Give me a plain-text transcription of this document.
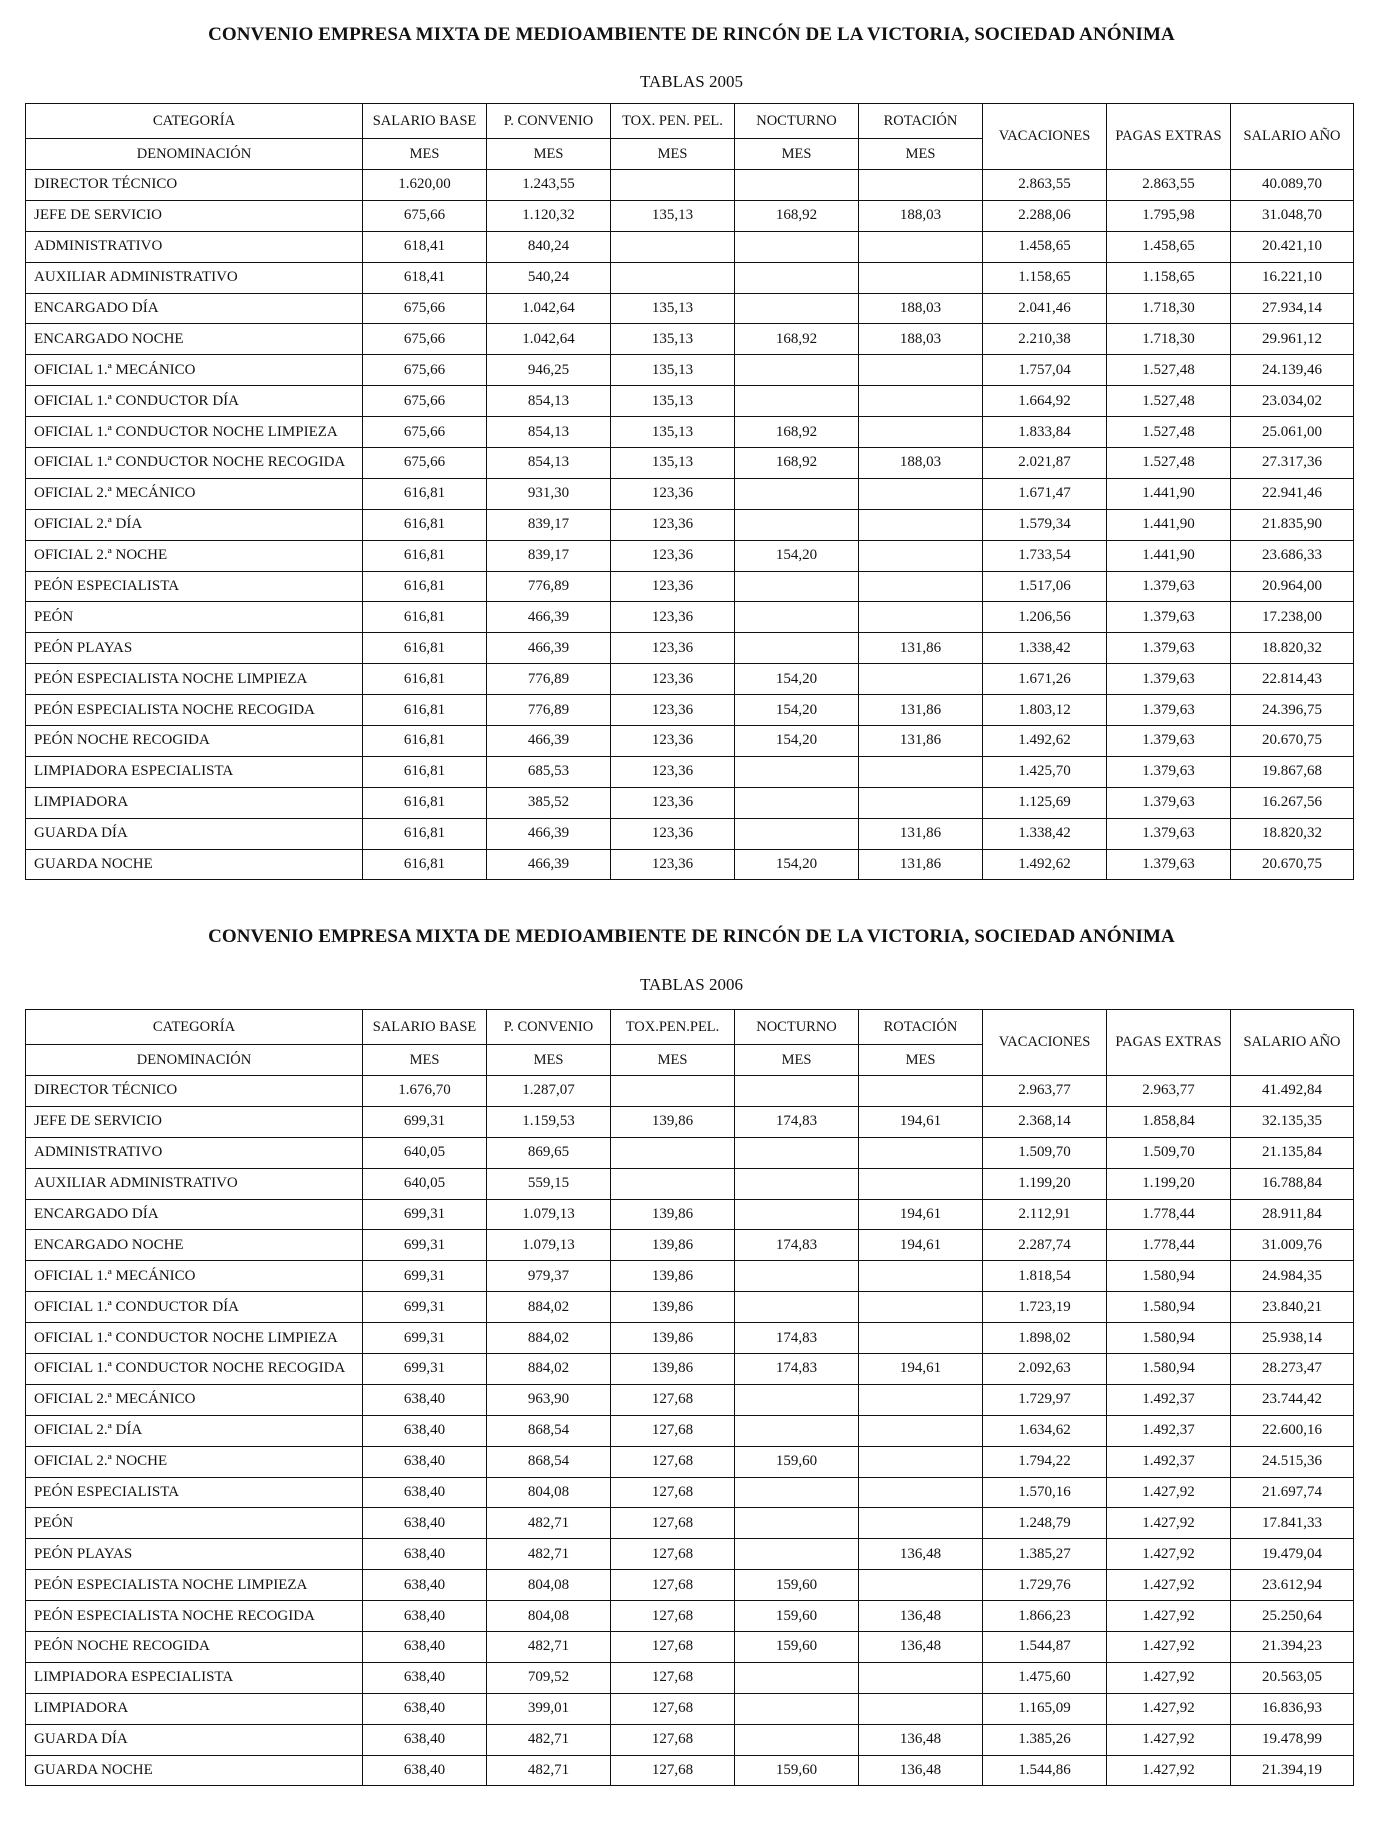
CONVENIO EMPRESA MIXTA DE MEDIOAMBIENTE DE RINCÓN DE LA VICTORIA, SOCIEDAD ANÓNIMA
TABLAS 2005
CATEGORÍA	SALARIO BASE	P. CONVENIO	TOX. PEN. PEL.	NOCTURNO	ROTACIÓN	VACACIONES	PAGAS EXTRAS	SALARIO AÑO
DENOMINACIÓN	MES	MES	MES	MES	MES			
DIRECTOR TÉCNICO	1.620,00	1.243,55				2.863,55	2.863,55	40.089,70
JEFE DE SERVICIO	675,66	1.120,32	135,13	168,92	188,03	2.288,06	1.795,98	31.048,70
ADMINISTRATIVO	618,41	840,24				1.458,65	1.458,65	20.421,10
AUXILIAR ADMINISTRATIVO	618,41	540,24				1.158,65	1.158,65	16.221,10
ENCARGADO DÍA	675,66	1.042,64	135,13		188,03	2.041,46	1.718,30	27.934,14
ENCARGADO NOCHE	675,66	1.042,64	135,13	168,92	188,03	2.210,38	1.718,30	29.961,12
OFICIAL 1.ª MECÁNICO	675,66	946,25	135,13			1.757,04	1.527,48	24.139,46
OFICIAL 1.ª CONDUCTOR DÍA	675,66	854,13	135,13			1.664,92	1.527,48	23.034,02
OFICIAL 1.ª CONDUCTOR NOCHE LIMPIEZA	675,66	854,13	135,13	168,92		1.833,84	1.527,48	25.061,00
OFICIAL 1.ª CONDUCTOR NOCHE RECOGIDA	675,66	854,13	135,13	168,92	188,03	2.021,87	1.527,48	27.317,36
OFICIAL 2.ª MECÁNICO	616,81	931,30	123,36			1.671,47	1.441,90	22.941,46
OFICIAL 2.ª DÍA	616,81	839,17	123,36			1.579,34	1.441,90	21.835,90
OFICIAL 2.ª NOCHE	616,81	839,17	123,36	154,20		1.733,54	1.441,90	23.686,33
PEÓN ESPECIALISTA	616,81	776,89	123,36			1.517,06	1.379,63	20.964,00
PEÓN	616,81	466,39	123,36			1.206,56	1.379,63	17.238,00
PEÓN PLAYAS	616,81	466,39	123,36		131,86	1.338,42	1.379,63	18.820,32
PEÓN ESPECIALISTA NOCHE LIMPIEZA	616,81	776,89	123,36	154,20		1.671,26	1.379,63	22.814,43
PEÓN ESPECIALISTA NOCHE RECOGIDA	616,81	776,89	123,36	154,20	131,86	1.803,12	1.379,63	24.396,75
PEÓN NOCHE RECOGIDA	616,81	466,39	123,36	154,20	131,86	1.492,62	1.379,63	20.670,75
LIMPIADORA ESPECIALISTA	616,81	685,53	123,36			1.425,70	1.379,63	19.867,68
LIMPIADORA	616,81	385,52	123,36			1.125,69	1.379,63	16.267,56
GUARDA DÍA	616,81	466,39	123,36		131,86	1.338,42	1.379,63	18.820,32
GUARDA NOCHE	616,81	466,39	123,36	154,20	131,86	1.492,62	1.379,63	20.670,75
CONVENIO EMPRESA MIXTA DE MEDIOAMBIENTE DE RINCÓN DE LA VICTORIA, SOCIEDAD ANÓNIMA
TABLAS 2006
CATEGORÍA	SALARIO BASE	P. CONVENIO	TOX.PEN.PEL.	NOCTURNO	ROTACIÓN	VACACIONES	PAGAS EXTRAS	SALARIO AÑO
DENOMINACIÓN	MES	MES	MES	MES	MES			
DIRECTOR TÉCNICO	1.676,70	1.287,07				2.963,77	2.963,77	41.492,84
JEFE DE SERVICIO	699,31	1.159,53	139,86	174,83	194,61	2.368,14	1.858,84	32.135,35
ADMINISTRATIVO	640,05	869,65				1.509,70	1.509,70	21.135,84
AUXILIAR ADMINISTRATIVO	640,05	559,15				1.199,20	1.199,20	16.788,84
ENCARGADO DÍA	699,31	1.079,13	139,86		194,61	2.112,91	1.778,44	28.911,84
ENCARGADO NOCHE	699,31	1.079,13	139,86	174,83	194,61	2.287,74	1.778,44	31.009,76
OFICIAL 1.ª MECÁNICO	699,31	979,37	139,86			1.818,54	1.580,94	24.984,35
OFICIAL 1.ª CONDUCTOR DÍA	699,31	884,02	139,86			1.723,19	1.580,94	23.840,21
OFICIAL 1.ª CONDUCTOR NOCHE LIMPIEZA	699,31	884,02	139,86	174,83		1.898,02	1.580,94	25.938,14
OFICIAL 1.ª CONDUCTOR NOCHE RECOGIDA	699,31	884,02	139,86	174,83	194,61	2.092,63	1.580,94	28.273,47
OFICIAL 2.ª MECÁNICO	638,40	963,90	127,68			1.729,97	1.492,37	23.744,42
OFICIAL 2.ª DÍA	638,40	868,54	127,68			1.634,62	1.492,37	22.600,16
OFICIAL 2.ª NOCHE	638,40	868,54	127,68	159,60		1.794,22	1.492,37	24.515,36
PEÓN ESPECIALISTA	638,40	804,08	127,68			1.570,16	1.427,92	21.697,74
PEÓN	638,40	482,71	127,68			1.248,79	1.427,92	17.841,33
PEÓN PLAYAS	638,40	482,71	127,68		136,48	1.385,27	1.427,92	19.479,04
PEÓN ESPECIALISTA NOCHE LIMPIEZA	638,40	804,08	127,68	159,60		1.729,76	1.427,92	23.612,94
PEÓN ESPECIALISTA NOCHE RECOGIDA	638,40	804,08	127,68	159,60	136,48	1.866,23	1.427,92	25.250,64
PEÓN NOCHE RECOGIDA	638,40	482,71	127,68	159,60	136,48	1.544,87	1.427,92	21.394,23
LIMPIADORA ESPECIALISTA	638,40	709,52	127,68			1.475,60	1.427,92	20.563,05
LIMPIADORA	638,40	399,01	127,68			1.165,09	1.427,92	16.836,93
GUARDA DÍA	638,40	482,71	127,68		136,48	1.385,26	1.427,92	19.478,99
GUARDA NOCHE	638,40	482,71	127,68	159,60	136,48	1.544,86	1.427,92	21.394,19
